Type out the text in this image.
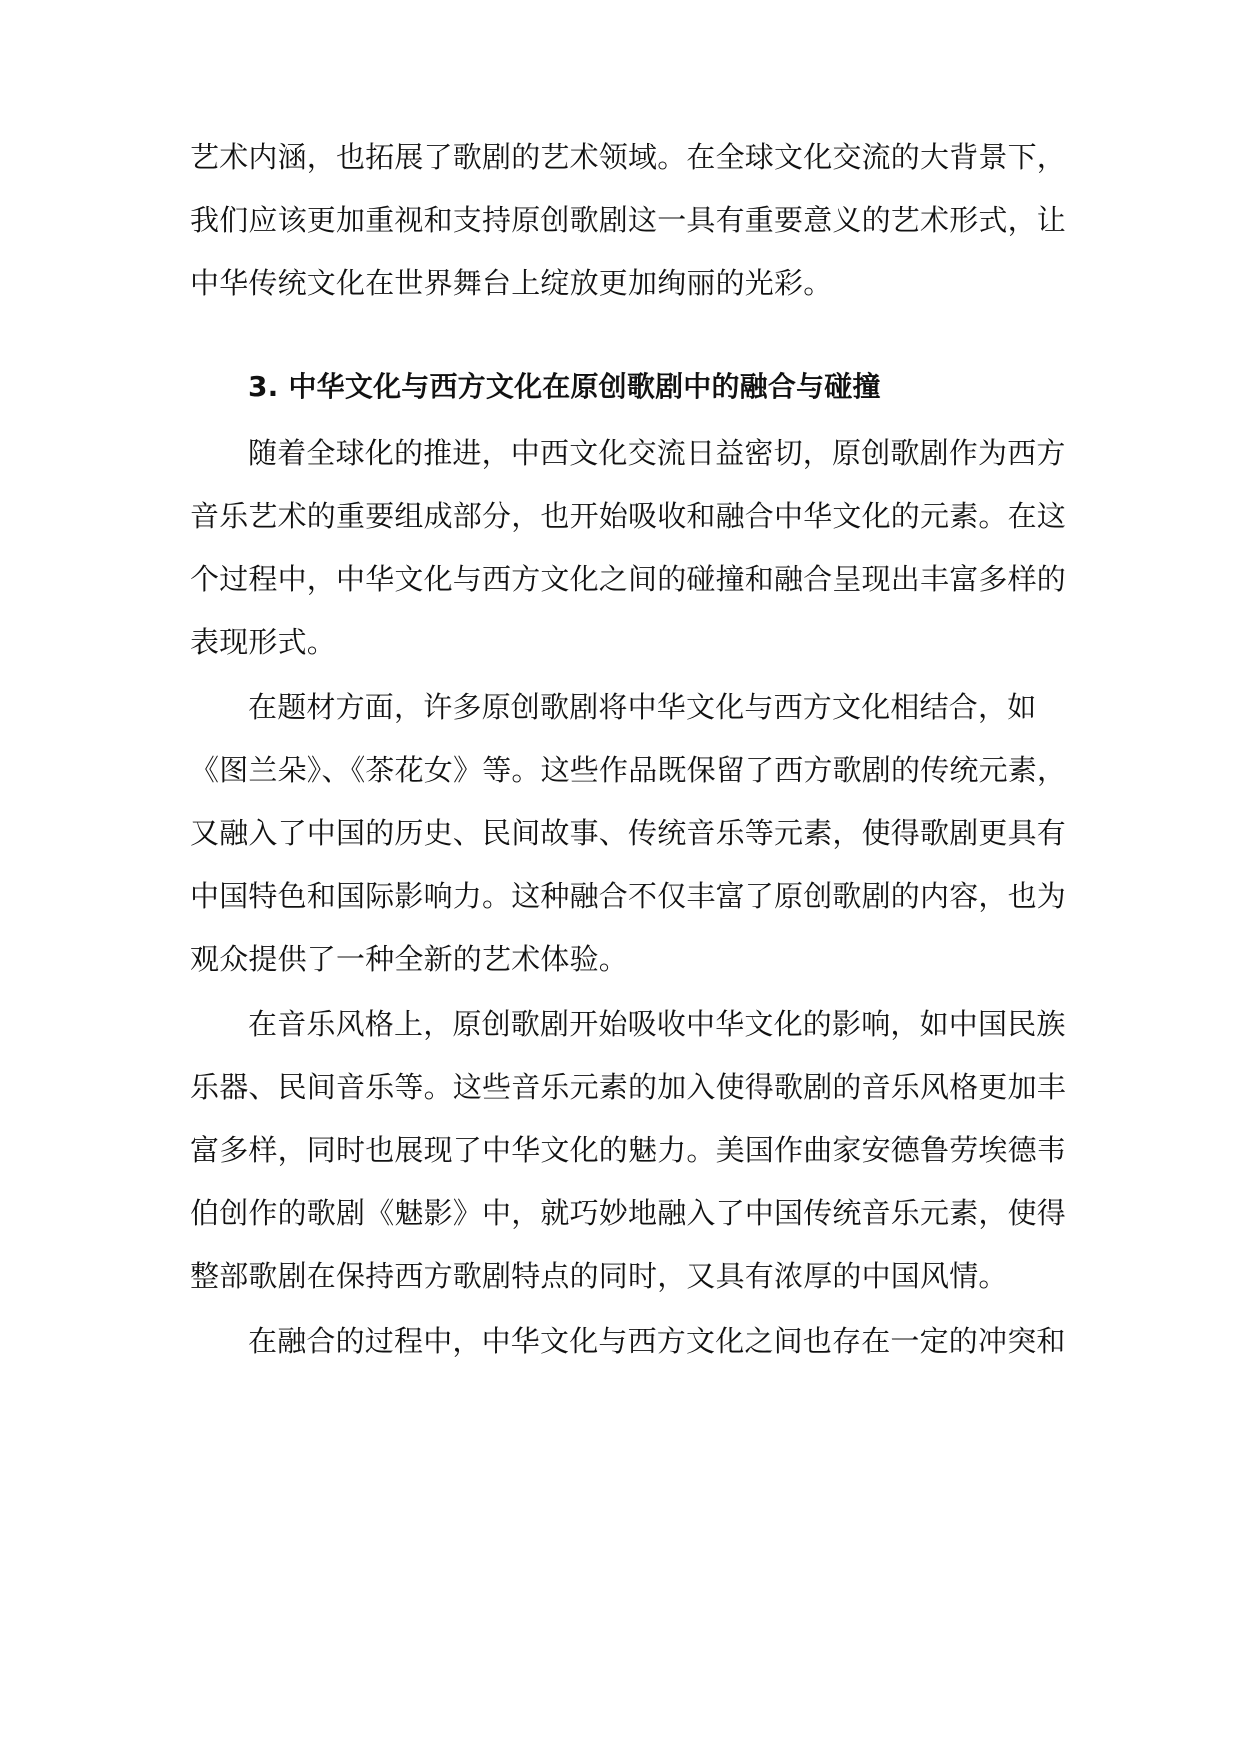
艺术内涵，也拓展了歌剧的艺术领域。在全球文化交流的大背景下，
我们应该更加重视和支持原创歌剧这一具有重要意义的艺术形式，让
中华传统文化在世界舞台上绽放更加绚丽的光彩。
3. 中华文化与西方文化在原创歌剧中的融合与碰撞
随着全球化的推进，中西文化交流日益密切，原创歌剧作为西方
音乐艺术的重要组成部分，也开始吸收和融合中华文化的元素。在这
个过程中，中华文化与西方文化之间的碰撞和融合呈现出丰富多样的
表现形式。
在题材方面，许多原创歌剧将中华文化与西方文化相结合，如
《图兰朵》、《茶花女》等。这些作品既保留了西方歌剧的传统元素，
又融入了中国的历史、民间故事、传统音乐等元素，使得歌剧更具有
中国特色和国际影响力。这种融合不仅丰富了原创歌剧的内容，也为
观众提供了一种全新的艺术体验。
在音乐风格上，原创歌剧开始吸收中华文化的影响，如中国民族
乐器、民间音乐等。这些音乐元素的加入使得歌剧的音乐风格更加丰
富多样，同时也展现了中华文化的魅力。美国作曲家安德鲁劳埃德韦
伯创作的歌剧《魅影》中，就巧妙地融入了中国传统音乐元素，使得
整部歌剧在保持西方歌剧特点的同时，又具有浓厚的中国风情。
在融合的过程中，中华文化与西方文化之间也存在一定的冲突和
